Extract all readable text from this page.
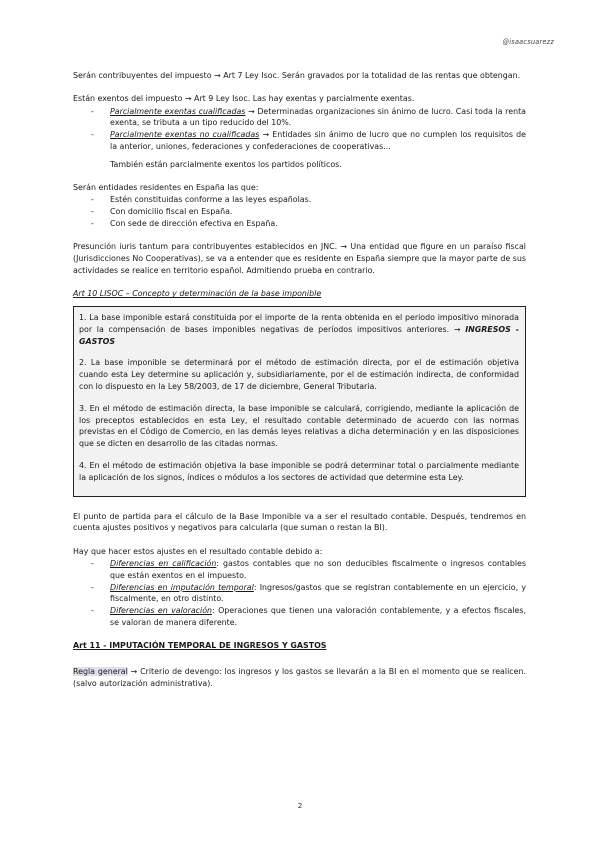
@isaacsuarezz

Serán contribuyentes del impuesto → Art 7 Ley Isoc. Serán gravados por la totalidad de las rentas que obtengan.

Están exentos del impuesto → Art 9 Ley Isoc. Las hay exentas y parcialmente exentas.

- Parcialmente exentas cualificadas → Determinadas organizaciones sin ánimo de lucro. Casi toda la renta exenta, se tributa a un tipo reducido del 10%.
- Parcialmente exentas no cualificadas → Entidades sin ánimo de lucro que no cumplen los requisitos de la anterior, uniones, federaciones y confederaciones de cooperativas...

También están parcialmente exentos los partidos políticos.

Serán entidades residentes en España las que:

- Estén constituidas conforme a las leyes españolas.
- Con domicilio fiscal en España.
- Con sede de dirección efectiva en España.

Presunción iuris tantum para contribuyentes establecidos en JNC. → Una entidad que figure en un paraíso fiscal (Jurisdicciones No Cooperativas), se va a entender que es residente en España siempre que la mayor parte de sus actividades se realice en territorio español. Admitiendo prueba en contrario.

Art 10 LISOC – Concepto y determinación de la base imponible

1. La base imponible estará constituida por el importe de la renta obtenida en el periodo impositivo minorada por la compensación de bases imponibles negativas de períodos impositivos anteriores. → INGRESOS - GASTOS

2. La base imponible se determinará por el método de estimación directa, por el de estimación objetiva cuando esta Ley determine su aplicación y, subsidiariamente, por el de estimación indirecta, de conformidad con lo dispuesto en la Ley 58/2003, de 17 de diciembre, General Tributaria.

3. En el método de estimación directa, la base imponible se calculará, corrigiendo, mediante la aplicación de los preceptos establecidos en esta Ley, el resultado contable determinado de acuerdo con las normas previstas en el Código de Comercio, en las demás leyes relativas a dicha determinación y en las disposiciones que se dicten en desarrollo de las citadas normas.

4. En el método de estimación objetiva la base imponible se podrá determinar total o parcialmente mediante la aplicación de los signos, índices o módulos a los sectores de actividad que determine esta Ley.

El punto de partida para el cálculo de la Base Imponible va a ser el resultado contable. Después, tendremos en cuenta ajustes positivos y negativos para calcularla (que suman o restan la BI).

Hay que hacer estos ajustes en el resultado contable debido a:

- Diferencias en calificación: gastos contables que no son deducibles fiscalmente o ingresos contables que están exentos en el impuesto.
- Diferencias en imputación temporal: Ingresos/gastos que se registran contablemente en un ejercicio, y fiscalmente, en otro distinto.
- Diferencias en valoración: Operaciones que tienen una valoración contablemente, y a efectos fiscales, se valoran de manera diferente.
Art 11 - IMPUTACIÓN TEMPORAL DE INGRESOS Y GASTOS

Regla general → Criterio de devengo: los ingresos y los gastos se llevarán a la BI en el momento que se realicen. (salvo autorización administrativa).

2
